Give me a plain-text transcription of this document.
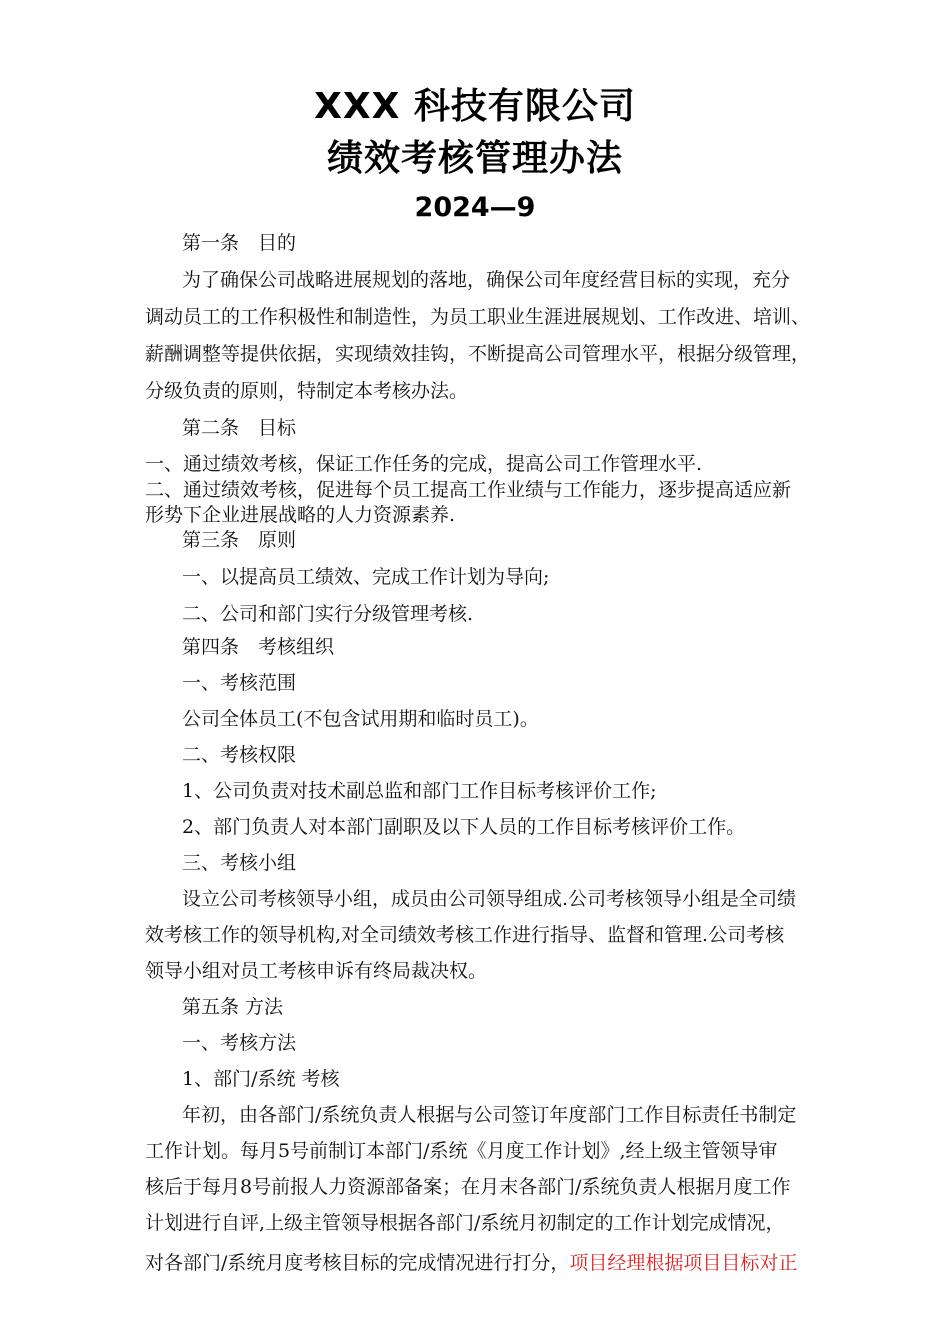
XXX 科技有限公司
绩效考核管理办法
2024—9
第一条　目的
为了确保公司战略进展规划的落地，确保公司年度经营目标的实现，充分
调动员工的工作积极性和制造性，为员工职业生涯进展规划、工作改进、培训、
薪酬调整等提供依据，实现绩效挂钩，不断提高公司管理水平，根据分级管理，
分级负责的原则，特制定本考核办法。
第二条　目标
一、通过绩效考核，保证工作任务的完成，提高公司工作管理水平.
二、通过绩效考核，促进每个员工提高工作业绩与工作能力，逐步提高适应新
形势下企业进展战略的人力资源素养.
第三条　原则
一、以提高员工绩效、完成工作计划为导向;
二、公司和部门实行分级管理考核.
第四条　考核组织
一、考核范围
公司全体员工(不包含试用期和临时员工)。
二、考核权限
1、公司负责对技术副总监和部门工作目标考核评价工作;
2、部门负责人对本部门副职及以下人员的工作目标考核评价工作。
三、考核小组
设立公司考核领导小组，成员由公司领导组成.公司考核领导小组是全司绩
效考核工作的领导机构,对全司绩效考核工作进行指导、监督和管理.公司考核
领导小组对员工考核申诉有终局裁决权。
第五条 方法
一、考核方法
1、部门/系统 考核
年初，由各部门/系统负责人根据与公司签订年度部门工作目标责任书制定
工作计划。每月5号前制订本部门/系统《月度工作计划》,经上级主管领导审
核后于每月8号前报人力资源部备案；在月末各部门/系统负责人根据月度工作
计划进行自评,上级主管领导根据各部门/系统月初制定的工作计划完成情况，
对各部门/系统月度考核目标的完成情况进行打分，项目经理根据项目目标对正
